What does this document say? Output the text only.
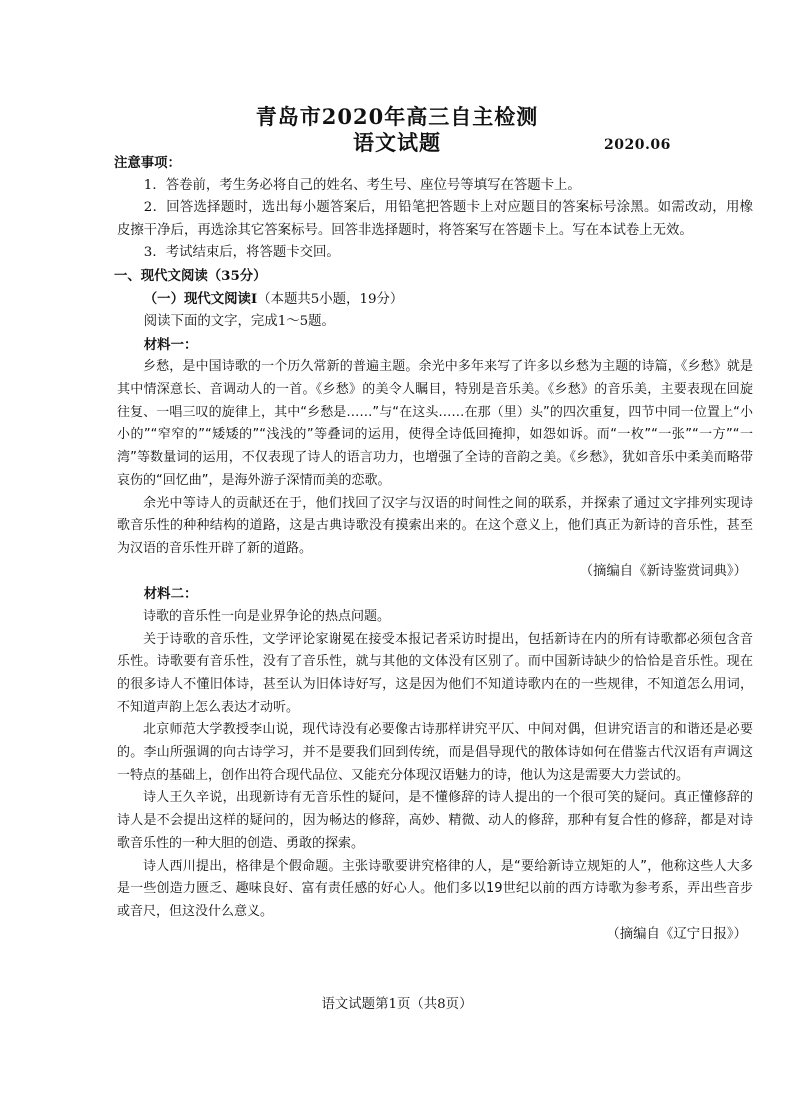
青岛市2020年高三自主检测
语文试题	2020.06

注意事项：

1．答卷前，考生务必将自己的姓名、考生号、座位号等填写在答题卡上。

2．回答选择题时，选出每小题答案后，用铅笔把答题卡上对应题目的答案标号涂黑。如需改动，用橡皮擦干净后，再选涂其它答案标号。回答非选择题时，将答案写在答题卡上。写在本试卷上无效。

3．考试结束后，将答题卡交回。

一、现代文阅读（35分）

（一）现代文阅读Ⅰ（本题共5小题，19分）

阅读下面的文字，完成1～5题。

材料一：

乡愁，是中国诗歌的一个历久常新的普遍主题。余光中多年来写了许多以乡愁为主题的诗篇，《乡愁》就是其中情深意长、音调动人的一首。《乡愁》的美令人瞩目，特别是音乐美。《乡愁》的音乐美，主要表现在回旋往复、一唱三叹的旋律上，其中“乡愁是……”与“在这头……在那（里）头”的四次重复，四节中同一位置上“小小的”“窄窄的”“矮矮的”“浅浅的”等叠词的运用，使得全诗低回掩抑，如怨如诉。而“一枚”“一张”“一方”“一湾”等数量词的运用，不仅表现了诗人的语言功力，也增强了全诗的音韵之美。《乡愁》，犹如音乐中柔美而略带哀伤的“回忆曲”，是海外游子深情而美的恋歌。

余光中等诗人的贡献还在于，他们找回了汉字与汉语的时间性之间的联系，并探索了通过文字排列实现诗歌音乐性的种种结构的道路，这是古典诗歌没有摸索出来的。在这个意义上，他们真正为新诗的音乐性，甚至为汉语的音乐性开辟了新的道路。

（摘编自《新诗鉴赏词典》）

材料二：

诗歌的音乐性一向是业界争论的热点问题。

关于诗歌的音乐性，文学评论家谢冕在接受本报记者采访时提出，包括新诗在内的所有诗歌都必须包含音乐性。诗歌要有音乐性，没有了音乐性，就与其他的文体没有区别了。而中国新诗缺少的恰恰是音乐性。现在的很多诗人不懂旧体诗，甚至认为旧体诗好写，这是因为他们不知道诗歌内在的一些规律，不知道怎么用词，不知道声韵上怎么表达才动听。

北京师范大学教授李山说，现代诗没有必要像古诗那样讲究平仄、中间对偶，但讲究语言的和谐还是必要的。李山所强调的向古诗学习，并不是要我们回到传统，而是倡导现代的散体诗如何在借鉴古代汉语有声调这一特点的基础上，创作出符合现代品位、又能充分体现汉语魅力的诗，他认为这是需要大力尝试的。

诗人王久辛说，出现新诗有无音乐性的疑问，是不懂修辞的诗人提出的一个很可笑的疑问。真正懂修辞的诗人是不会提出这样的疑问的，因为畅达的修辞，高妙、精微、动人的修辞，那种有复合性的修辞，都是对诗歌音乐性的一种大胆的创造、勇敢的探索。

诗人西川提出，格律是个假命题。主张诗歌要讲究格律的人，是“要给新诗立规矩的人”，他称这些人大多是一些创造力匮乏、趣味良好、富有责任感的好心人。他们多以19世纪以前的西方诗歌为参考系，弄出些音步或音尺，但这没什么意义。

（摘编自《辽宁日报》）

语文试题第1页（共8页）
